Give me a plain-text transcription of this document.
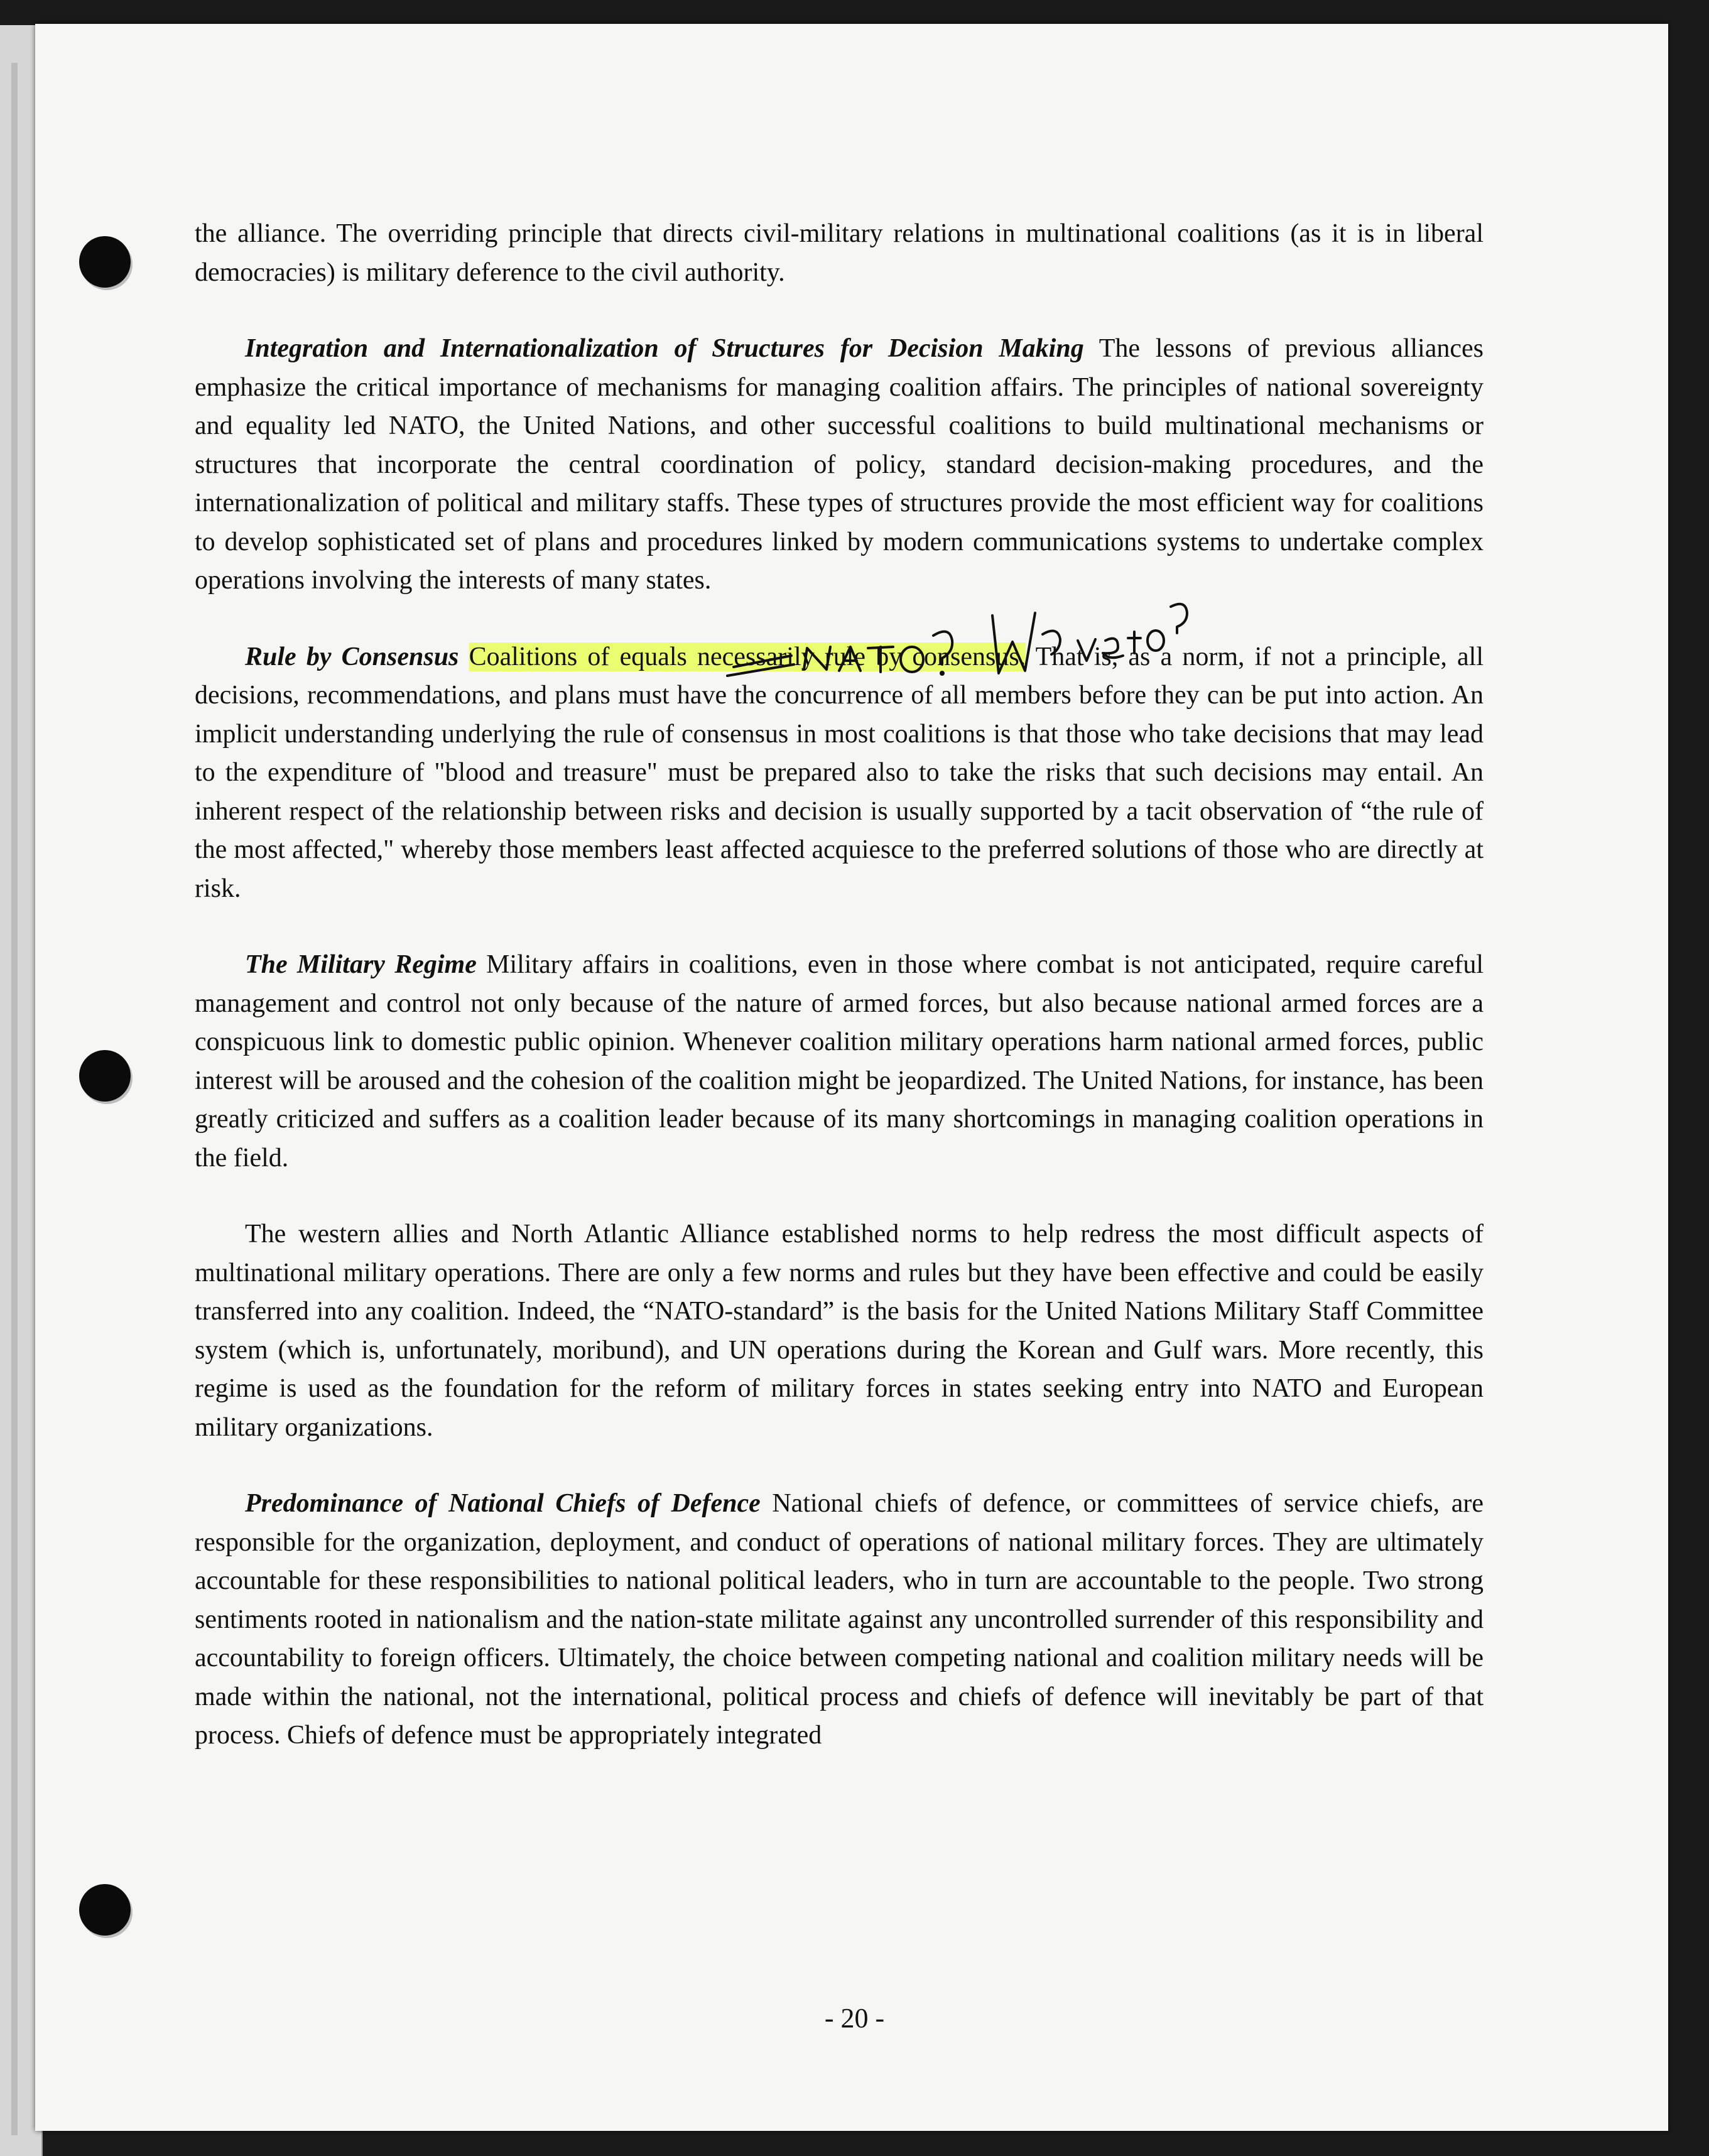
the alliance. The overriding principle that directs civil-military relations in multinational coalitions (as it is in liberal democracies) is military deference to the civil authority.

Integration and Internationalization of Structures for Decision Making The lessons of previous alliances emphasize the critical importance of mechanisms for managing coalition affairs. The principles of national sovereignty and equality led NATO, the United Nations, and other successful coalitions to build multinational mechanisms or structures that incorporate the central coordination of policy, standard decision-making procedures, and the internationalization of political and military staffs. These types of structures provide the most efficient way for coalitions to develop sophisticated set of plans and procedures linked by modern communications systems to undertake complex operations involving the interests of many states.

Rule by Consensus Coalitions of equals necessarily rule by consensus. That is, as a norm, if not a principle, all decisions, recommendations, and plans must have the concurrence of all members before they can be put into action. An implicit understanding underlying the rule of consensus in most coalitions is that those who take decisions that may lead to the expenditure of "blood and treasure" must be prepared also to take the risks that such decisions may entail. An inherent respect of the relationship between risks and decision is usually supported by a tacit observation of “the rule of the most affected," whereby those members least affected acquiesce to the preferred solutions of those who are directly at risk.

The Military Regime Military affairs in coalitions, even in those where combat is not anticipated, require careful management and control not only because of the nature of armed forces, but also because national armed forces are a conspicuous link to domestic public opinion. Whenever coalition military operations harm national armed forces, public interest will be aroused and the cohesion of the coalition might be jeopardized. The United Nations, for instance, has been greatly criticized and suffers as a coalition leader because of its many shortcomings in managing coalition operations in the field.

The western allies and North Atlantic Alliance established norms to help redress the most difficult aspects of multinational military operations. There are only a few norms and rules but they have been effective and could be easily transferred into any coalition. Indeed, the “NATO-standard” is the basis for the United Nations Military Staff Committee system (which is, unfortunately, moribund), and UN operations during the Korean and Gulf wars. More recently, this regime is used as the foundation for the reform of military forces in states seeking entry into NATO and European military organizations.

Predominance of National Chiefs of Defence National chiefs of defence, or committees of service chiefs, are responsible for the organization, deployment, and conduct of operations of national military forces. They are ultimately accountable for these responsibilities to national political leaders, who in turn are accountable to the people. Two strong sentiments rooted in nationalism and the nation-state militate against any uncontrolled surrender of this responsibility and accountability to foreign officers. Ultimately, the choice between competing national and coalition military needs will be made within the national, not the international, political process and chiefs of defence will inevitably be part of that process. Chiefs of defence must be appropriately integrated

- 20 -
